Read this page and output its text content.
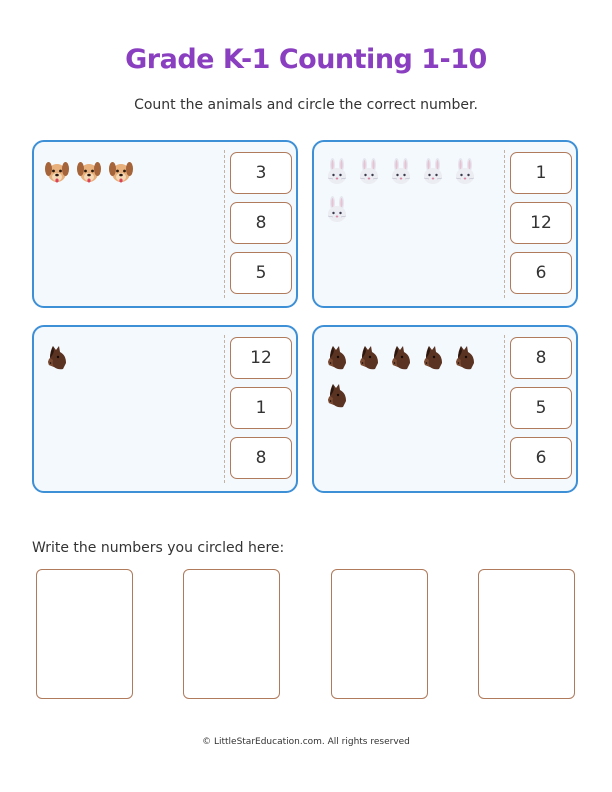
Grade K-1 Counting 1-10
Count the animals and circle the correct number.
3
8
5
1
12
6
12
1
8
8
5
6
Write the numbers you circled here:
© LittleStarEducation.com. All rights reserved
